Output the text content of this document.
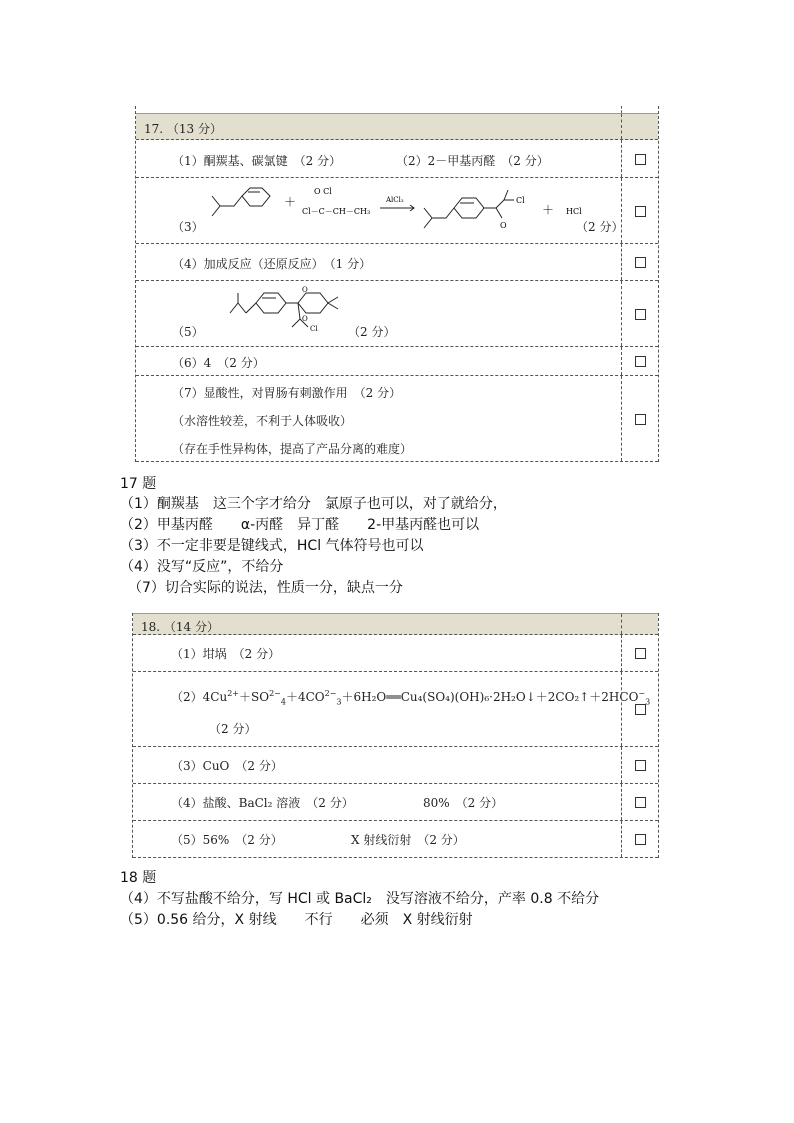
17. （13 分）
（1）酮羰基、碳氯键　（2 分）	（2）2－甲基丙醛　（2 分）
（3）
＋
O Cl
Cl－C－CH－CH₃
AlCl₃	Cl
O
＋ HCl
（2 分）
（4）加成反应（还原反应）　（1 分）
（5）
O
O
Cl	（2 分）
（6）4　（2 分）
（7）显酸性，对胃肠有刺激作用　（2 分）
（水溶性较差，不利于人体吸收）
（存在手性异构体，提高了产品分离的难度）
17 题
（1）酮羰基　这三个字才给分　氯原子也可以，对了就给分，
（2）甲基丙醛　　α-丙醛　异丁醛　　2-甲基丙醛也可以
（3）不一定非要是键线式，HCl 气体符号也可以
（4）没写“反应”，不给分
（7）切合实际的说法，性质一分，缺点一分
18. （14 分）
（1）坩埚　（2 分）
$(2)4Cu^{2+}+SO^{2-}_4+4CO^{2-}_3+6H_2O══Cu_4(SO_4)(OH)_6\cdot 2H_2O↓+2CO_2↑+2HCO^-_3$
（2 分）
（3）CuO　（2 分）
（4）盐酸、BaCl₂ 溶液　（2 分）	80%　（2 分）
（5）56%　（2 分）	X 射线衍射　（2 分）
18 题
（4）不写盐酸不给分，写 HCl 或 BaCl₂　没写溶液不给分，产率 0.8 不给分
（5）0.56 给分，X 射线　　不行　　必须　X 射线衍射
